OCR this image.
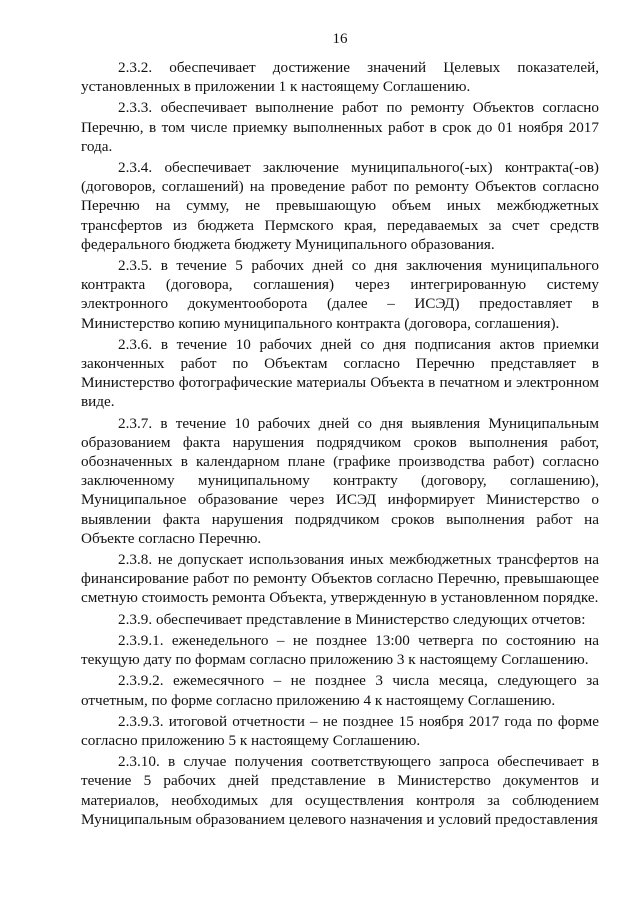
16

2.3.2. обеспечивает достижение значений Целевых показателей, установленных в приложении 1 к настоящему Соглашению.

2.3.3. обеспечивает выполнение работ по ремонту Объектов согласно Перечню, в том числе приемку выполненных работ в срок до 01 ноября 2017 года.

2.3.4. обеспечивает заключение муниципального(-ых) контракта(-ов) (договоров, соглашений) на проведение работ по ремонту Объектов согласно Перечню на сумму, не превышающую объем иных межбюджетных трансфертов из бюджета Пермского края, передаваемых за счет средств федерального бюджета бюджету Муниципального образования.

2.3.5. в течение 5 рабочих дней со дня заключения муниципального контракта (договора, соглашения) через интегрированную систему электронного документооборота (далее – ИСЭД) предоставляет в Министерство копию муниципального контракта (договора, соглашения).

2.3.6. в течение 10 рабочих дней со дня подписания актов приемки законченных работ по Объектам согласно Перечню представляет в Министерство фотографические материалы Объекта в печатном и электронном виде.

2.3.7. в течение 10 рабочих дней со дня выявления Муниципальным образованием факта нарушения подрядчиком сроков выполнения работ, обозначенных в календарном плане (графике производства работ) согласно заключенному муниципальному контракту (договору, соглашению), Муниципальное образование через ИСЭД информирует Министерство о выявлении факта нарушения подрядчиком сроков выполнения работ на Объекте согласно Перечню.

2.3.8. не допускает использования иных межбюджетных трансфертов на финансирование работ по ремонту Объектов согласно Перечню, превышающее сметную стоимость ремонта Объекта, утвержденную в установленном порядке.

2.3.9. обеспечивает представление в Министерство следующих отчетов:

2.3.9.1. еженедельного – не позднее 13:00 четверга по состоянию на текущую дату по формам согласно приложению 3 к настоящему Соглашению.

2.3.9.2. ежемесячного – не позднее 3 числа месяца, следующего за отчетным, по форме согласно приложению 4 к настоящему Соглашению.

2.3.9.3. итоговой отчетности – не позднее 15 ноября 2017 года по форме согласно приложению 5 к настоящему Соглашению.

2.3.10. в случае получения соответствующего запроса обеспечивает в течение 5 рабочих дней представление в Министерство документов и материалов, необходимых для осуществления контроля за соблюдением Муниципальным образованием целевого назначения и условий предоставления
